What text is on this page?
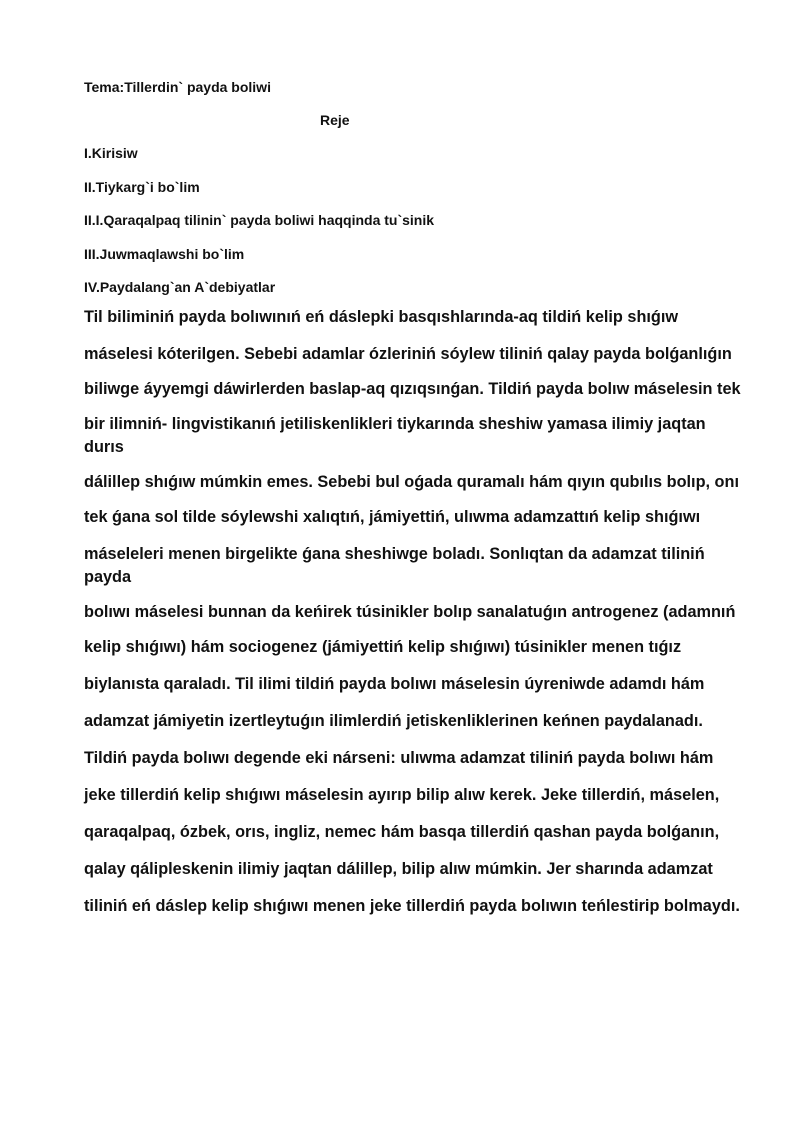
Tema:Tillerdin` payda boliwi
Reje
I.Kirisiw
II.Tiykarg`i bo`lim
II.I.Qaraqalpaq tilinin` payda boliwi haqqinda tu`sinik
III.Juwmaqlawshi bo`lim
IV.Paydalang`an A`debiyatlar

Til biliminiń payda bolıwınıń eń dáslepki basqıshlarında-aq tildiń kelip shıǵıw

máselesi kóterilgen. Sebebi adamlar ózleriniń sóylew tiliniń qalay payda bolǵanlıǵın

biliwge áyyemgi dáwirlerden baslap-aq qızıqsınǵan. Tildiń payda bolıw máselesin tek

bir ilimniń- lingvistikanıń jetiliskenlikleri tiykarında sheshiw yamasa ilimiy jaqtan durıs

dálillep shıǵıw múmkin emes. Sebebi bul oǵada quramalı hám qıyın qubılıs bolıp, onı

tek ǵana sol tilde sóylewshi xalıqtıń, jámiyettiń, ulıwma adamzattıń kelip shıǵıwı

máseleleri menen birgelikte ǵana sheshiwge boladı. Sonlıqtan da adamzat tiliniń payda

bolıwı máselesi bunnan da keńirek túsinikler bolıp sanalatuǵın antrogenez (adamnıń

kelip shıǵıwı) hám sociogenez (jámiyettiń kelip shıǵıwı) túsinikler menen tıǵız

biylanısta qaraladı. Til ilimi tildiń payda bolıwı máselesin úyreniwde adamdı hám

adamzat jámiyetin izertleytuǵın ilimlerdiń jetiskenliklerinen keńnen paydalanadı.

Tildiń payda bolıwı degende eki nárseni: ulıwma adamzat tiliniń payda bolıwı hám

jeke tillerdiń kelip shıǵıwı máselesin ayırıp bilip alıw kerek. Jeke tillerdiń, máselen,

qaraqalpaq, ózbek, orıs, ingliz, nemec hám basqa tillerdiń qashan payda bolǵanın,

qalay qálipleskenin ilimiy jaqtan dálillep, bilip alıw múmkin. Jer sharında adamzat

tiliniń eń dáslep kelip shıǵıwı menen jeke tillerdiń payda bolıwın teńlestirip bolmaydı.
